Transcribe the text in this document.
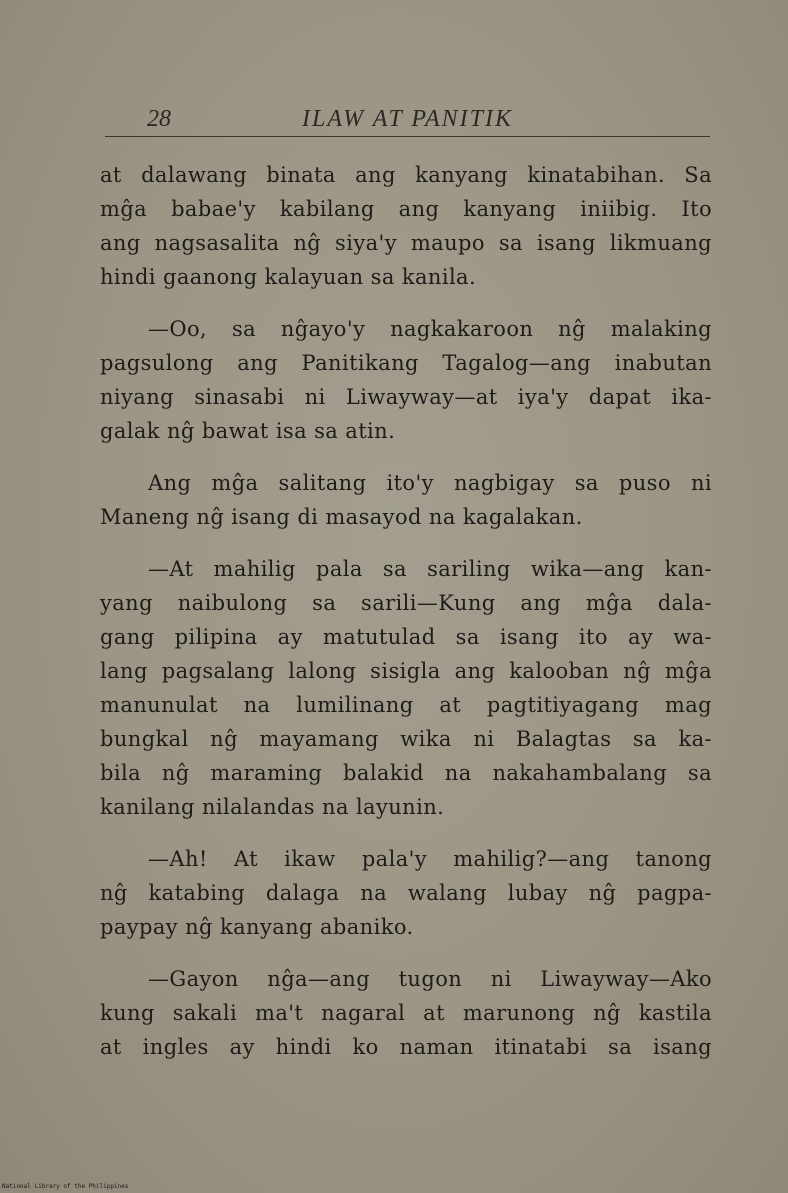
28	ILAW AT PANITIK
at dalawang binata ang kanyang kinatabihan. Sa
mĝa babae'y kabilang ang kanyang iniibig. Ito
ang nagsasalita nĝ siya'y maupo sa isang likmuang
hindi gaanong kalayuan sa kanila.
—Oo, sa nĝayo'y nagkakaroon nĝ malaking
pagsulong ang Panitikang Tagalog—ang inabutan
niyang sinasabi ni Liwayway—at iya'y dapat ika-
galak nĝ bawat isa sa atin.
Ang mĝa salitang ito'y nagbigay sa puso ni
Maneng nĝ isang di masayod na kagalakan.
—At mahilig pala sa sariling wika—ang kan-
yang naibulong sa sarili—Kung ang mĝa dala-
gang pilipina ay matutulad sa isang ito ay wa-
lang pagsalang lalong sisigla ang kalooban nĝ mĝa
manunulat na lumilinang at pagtitiyagang mag
bungkal nĝ mayamang wika ni Balagtas sa ka-
bila nĝ maraming balakid na nakahambalang sa
kanilang nilalandas na layunin.
—Ah! At ikaw pala'y mahilig?—ang tanong
nĝ katabing dalaga na walang lubay nĝ pagpa-
paypay nĝ kanyang abaniko.
—Gayon nĝa—ang tugon ni Liwayway—Ako
kung sakali ma't nagaral at marunong nĝ kastila
at ingles ay hindi ko naman itinatabi sa isang
National Library of the Philippines
